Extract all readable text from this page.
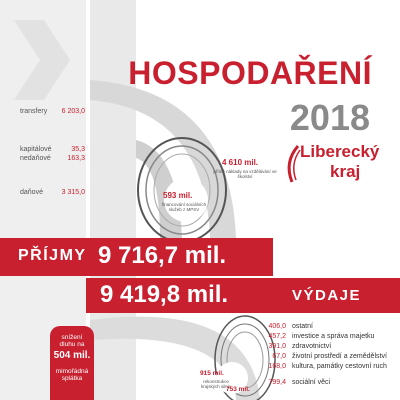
HOSPODAŘENÍ
2018
Liberecký
kraj
transfery	6 203,0
kapitálové	35,3
nedaňové	163,3
daňové	3 315,0
4 610 mil.
přímé náklady na vzdělávání ve školství
593 mil.
financování sociálních služeb z MPSV
915 mil.
rekonstrukce krajských silnic
753 mil.
PŘÍJMY 9 716,7 mil.
9 419,8 mil.	VÝDAJE
406,0 ostatní
457,2 investice a správa majetku
391,0 zdravotnictví
67,0 životní prostředí a zemědělství
168,0 kultura, památky cestovní ruch
799,4 sociální věci
snížení
dluhu na
504 mil.
mimořádná
splátka
